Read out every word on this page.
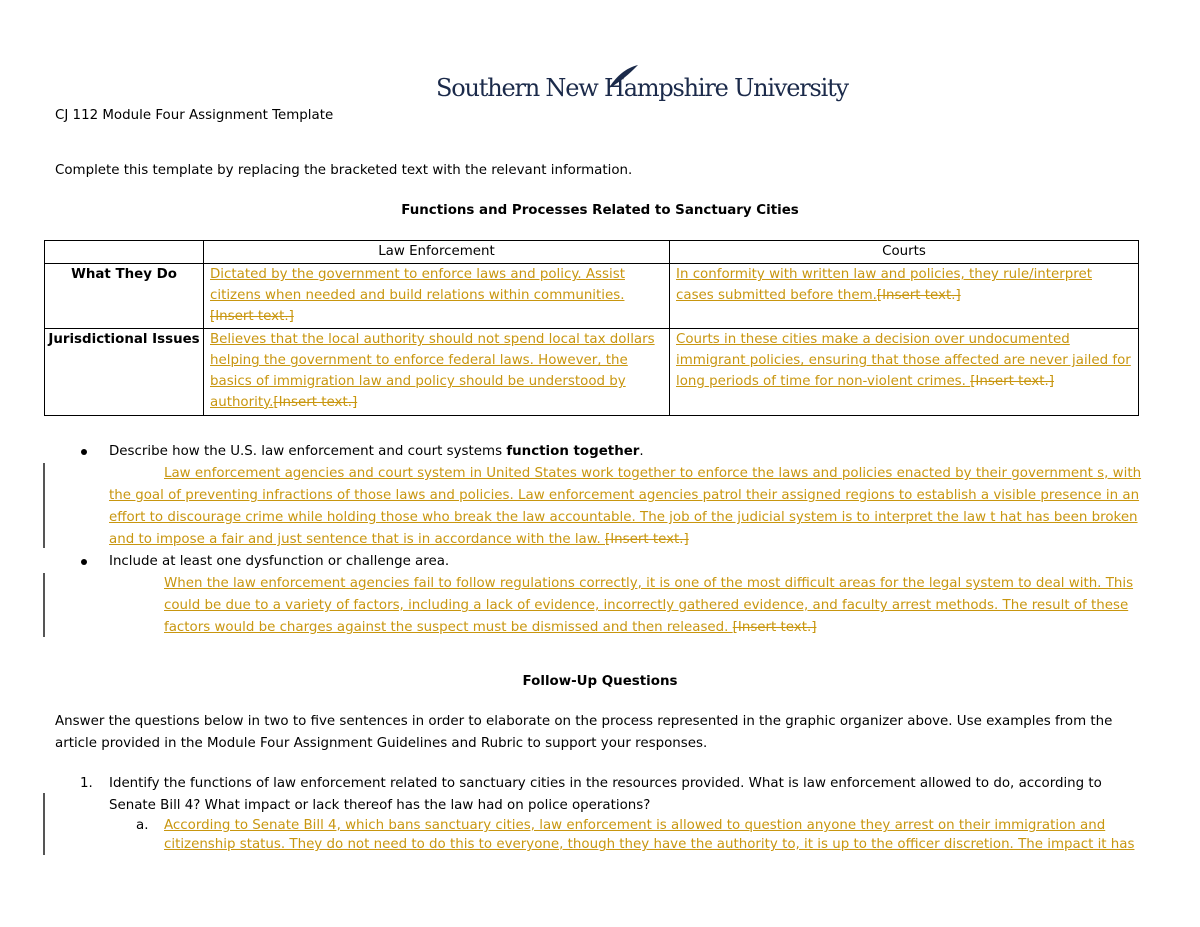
Southern New Hampshire University
CJ 112 Module Four Assignment Template
Complete this template by replacing the bracketed text with the relevant information.
Functions and Processes Related to Sanctuary Cities
	Law Enforcement	Courts
What They Do	Dictated by the government to enforce laws and policy. Assist citizens when needed and build relations within communities. [Insert text.]	In conformity with written law and policies, they rule/interpret cases submitted before them.[Insert text.]
Jurisdictional Issues	Believes that the local authority should not spend local tax dollars helping the government to enforce federal laws. However, the basics of immigration law and policy should be understood by authority.[Insert text.]	Courts in these cities make a decision over undocumented immigrant policies, ensuring that those affected are never jailed for long periods of time for non-violent crimes. [Insert text.]
Describe how the U.S. law enforcement and court systems function together.
Law enforcement agencies and court system in United States work together to enforce the laws and policies enacted by their government s, with
the goal of preventing infractions of those laws and policies. Law enforcement agencies patrol their assigned regions to establish a visible presence in an
effort to discourage crime while holding those who break the law accountable. The job of the judicial system is to interpret the law t hat has been broken
and to impose a fair and just sentence that is in accordance with the law. [Insert text.]
Include at least one dysfunction or challenge area.
When the law enforcement agencies fail to follow regulations correctly, it is one of the most difficult areas for the legal system to deal with. This
could be due to a variety of factors, including a lack of evidence, incorrectly gathered evidence, and faculty arrest methods. The result of these
factors would be charges against the suspect must be dismissed and then released. [Insert text.]
Follow-Up Questions
Answer the questions below in two to five sentences in order to elaborate on the process represented in the graphic organizer above. Use examples from the
article provided in the Module Four Assignment Guidelines and Rubric to support your responses.
1. Identify the functions of law enforcement related to sanctuary cities in the resources provided. What is law enforcement allowed to do, according to
Senate Bill 4? What impact or lack thereof has the law had on police operations?
a. According to Senate Bill 4, which bans sanctuary cities, law enforcement is allowed to question anyone they arrest on their immigration and
citizenship status. They do not need to do this to everyone, though they have the authority to, it is up to the officer discretion. The impact it has
